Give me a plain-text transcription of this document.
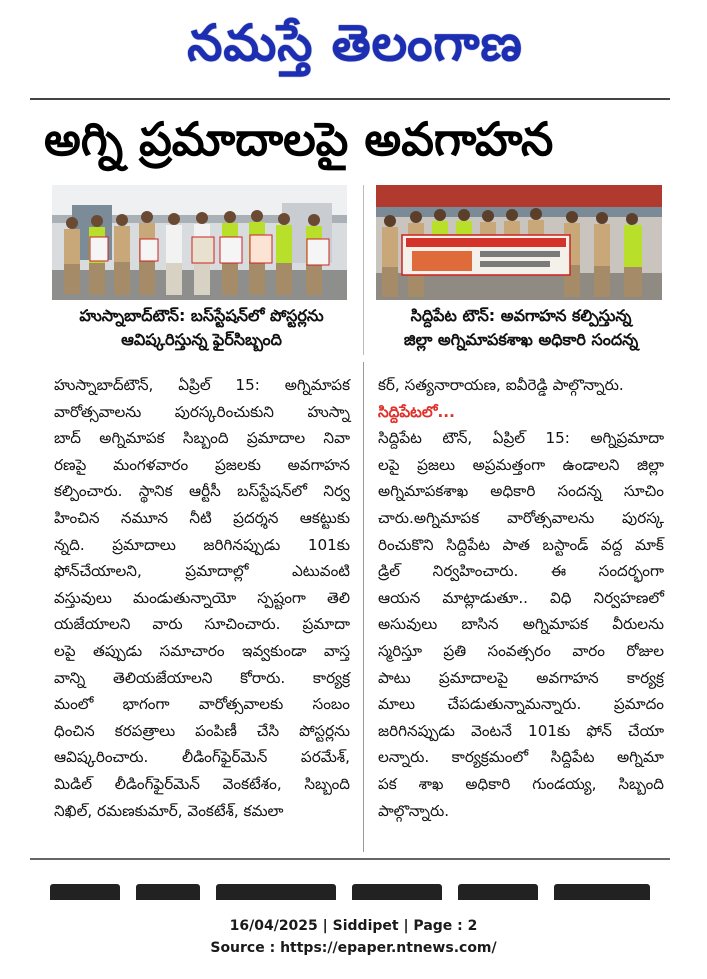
నమస్తే తెలంగాణ
అగ్ని ప్రమాదాలపై అవగాహన
హుస్నాబాద్‌టౌన్‌: బస్‌స్టేషన్‌లో పోస్టర్లను
ఆవిష్కరిస్తున్న ఫైర్‌సిబ్బంది
సిద్దిపేట టౌన్‌: అవగాహన కల్పిస్తున్న
జిల్లా అగ్నిమాపకశాఖ అధికారి సందన్న
హుస్నాబాద్‌టౌన్‌, ఏప్రిల్‌ 15: అగ్నిమాపక
వారోత్సవాలను పురస్కరించుకుని హుస్నా
బాద్‌ అగ్నిమాపక సిబ్బంది ప్రమాదాల నివా
రణపై మంగళవారం ప్రజలకు అవగాహన
కల్పించారు. స్థానిక ఆర్టీసీ బస్‌స్టేషన్‌లో నిర్వ
హించిన నమూన నీటి ప్రదర్శన ఆకట్టుకు
న్నది. ప్రమాదాలు జరిగినప్పుడు 101కు
ఫోన్‌చేయాలని, ప్రమాదాల్లో ఎటువంటి
వస్తువులు మండుతున్నాయో స్పష్టంగా తెలి
యజేయాలని వారు సూచించారు. ప్రమాదా
లపై తప్పుడు సమాచారం ఇవ్వకుండా వాస్త
వాన్ని తెలియజేయాలని కోరారు. కార్యక్ర
మంలో భాగంగా వారోత్సవాలకు సంబం
ధించిన కరపత్రాలు పంపిణీ చేసి పోస్టర్లను
ఆవిష్కరించారు. లీడింగ్‌ఫైర్‌మెన్‌ పరమేశ్‌,
మిడిల్‌ లీడింగ్‌ఫైర్‌మెన్‌ వెంకటేశం, సిబ్బంది
నిఖిల్‌, రమణకుమార్‌, వెంకటేశ్‌, కమలా
కర్‌, సత్యనారాయణ, ఐవీరెడ్డి పాల్గొన్నారు.
సిద్దిపేటలో...
సిద్దిపేట టౌన్‌, ఏప్రిల్‌ 15: అగ్నిప్రమాదా
లపై ప్రజలు అప్రమత్తంగా ఉండాలని జిల్లా
అగ్నిమాపకశాఖ అధికారి సందన్న సూచిం
చారు.అగ్నిమాపక వారోత్సవాలను పురస్క
రించుకొని సిద్దిపేట పాత బస్టాండ్‌ వద్ద మాక్‌
డ్రిల్‌ నిర్వహించారు. ఈ సందర్భంగా
ఆయన మాట్లాడుతూ.. విధి నిర్వహణలో
అసువులు బాసిన అగ్నిమాపక వీరులను
స్మరిస్తూ ప్రతి సంవత్సరం వారం రోజుల
పాటు ప్రమాదాలపై అవగాహన కార్యక్ర
మాలు చేపడుతున్నామన్నారు. ప్రమాదం
జరిగినప్పుడు వెంటనే 101కు ఫోన్‌ చేయా
లన్నారు. కార్యక్రమంలో సిద్దిపేట అగ్నిమా
పక శాఖ అధికారి గుండయ్య, సిబ్బంది
పాల్గొన్నారు.
16/04/2025 | Siddipet | Page : 2
Source : https://epaper.ntnews.com/
